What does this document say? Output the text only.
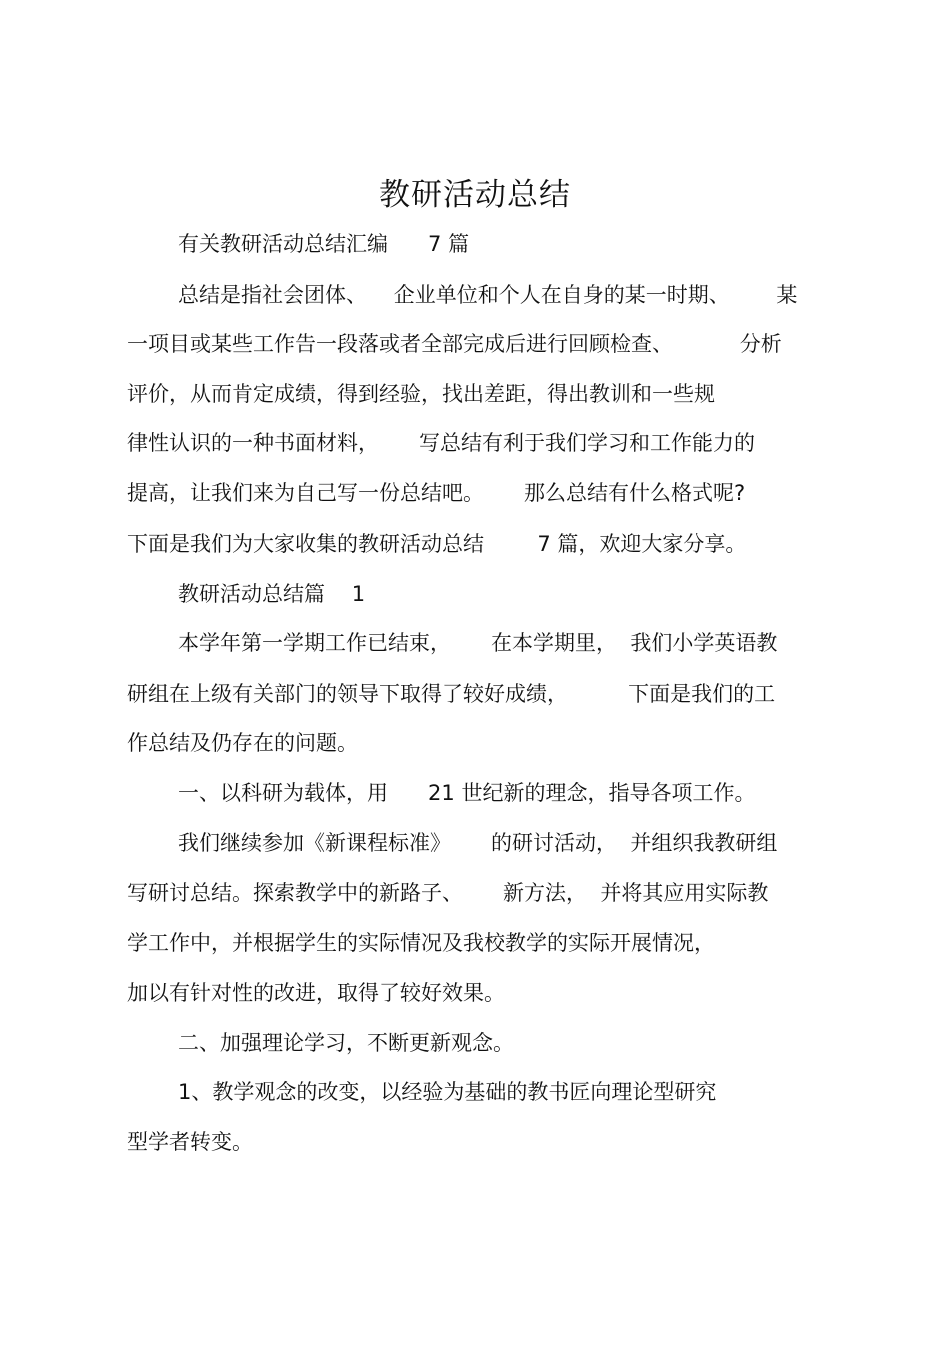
教研活动总结

有关教研活动总结汇编      7 篇

总结是指社会团体、    企业单位和个人在自身的某一时期、       某

一项目或某些工作告一段落或者全部完成后进行回顾检查、          分析

评价，从而肯定成绩，得到经验，找出差距，得出教训和一些规

律性认识的一种书面材料，      写总结有利于我们学习和工作能力的

提高，让我们来为自己写一份总结吧。      那么总结有什么格式呢?

下面是我们为大家收集的教研活动总结        7 篇，欢迎大家分享。

教研活动总结篇    1

本学年第一学期工作已结束，      在本学期里，  我们小学英语教

研组在上级有关部门的领导下取得了较好成绩，         下面是我们的工

作总结及仍存在的问题。

一、以科研为载体，用      21 世纪新的理念，指导各项工作。

我们继续参加《新课程标准》      的研讨活动，  并组织我教研组

写研讨总结。探索教学中的新路子、      新方法，  并将其应用实际教

学工作中，并根据学生的实际情况及我校教学的实际开展情况，

加以有针对性的改进，取得了较好效果。

二、加强理论学习，不断更新观念。

1、教学观念的改变，以经验为基础的教书匠向理论型研究

型学者转变。
